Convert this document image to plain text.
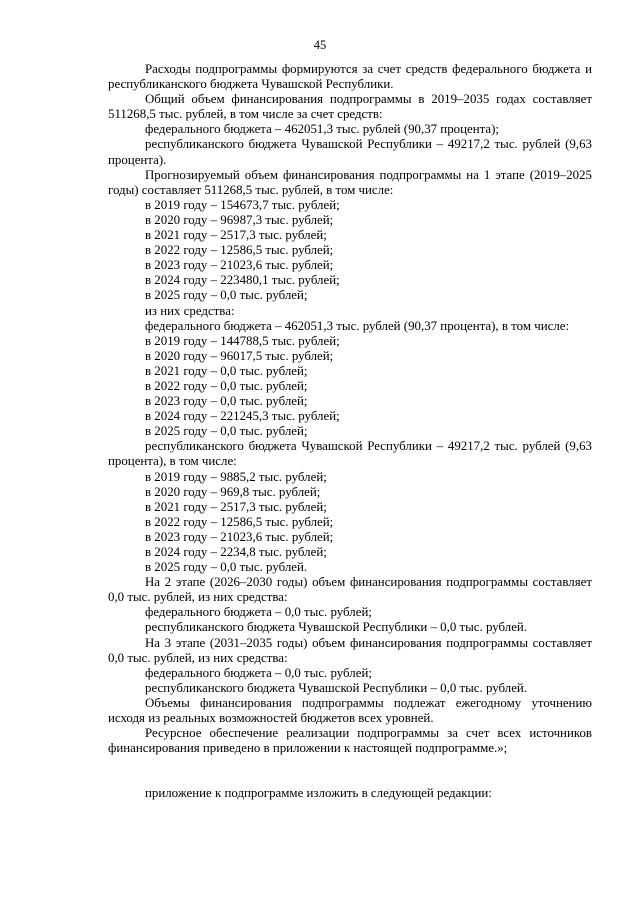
45
Расходы подпрограммы формируются за счет средств федерального бюджета и республиканского бюджета Чувашской Республики.
Общий объем финансирования подпрограммы в 2019–2035 годах составляет 511268,5 тыс. рублей, в том числе за счет средств:
федерального бюджета – 462051,3 тыс. рублей (90,37 процента);
республиканского бюджета Чувашской Республики – 49217,2 тыс. рублей (9,63 процента).
Прогнозируемый объем финансирования подпрограммы на 1 этапе (2019–2025 годы) составляет 511268,5 тыс. рублей, в том числе:
в 2019 году – 154673,7 тыс. рублей;
в 2020 году – 96987,3 тыс. рублей;
в 2021 году – 2517,3 тыс. рублей;
в 2022 году – 12586,5 тыс. рублей;
в 2023 году – 21023,6 тыс. рублей;
в 2024 году – 223480,1 тыс. рублей;
в 2025 году – 0,0 тыс. рублей;
из них средства:
федерального бюджета – 462051,3 тыс. рублей (90,37 процента), в том числе:
в 2019 году – 144788,5 тыс. рублей;
в 2020 году – 96017,5 тыс. рублей;
в 2021 году – 0,0 тыс. рублей;
в 2022 году – 0,0 тыс. рублей;
в 2023 году – 0,0 тыс. рублей;
в 2024 году – 221245,3 тыс. рублей;
в 2025 году – 0,0 тыс. рублей;
республиканского бюджета Чувашской Республики – 49217,2 тыс. рублей (9,63 процента), в том числе:
в 2019 году – 9885,2 тыс. рублей;
в 2020 году – 969,8 тыс. рублей;
в 2021 году – 2517,3 тыс. рублей;
в 2022 году – 12586,5 тыс. рублей;
в 2023 году – 21023,6 тыс. рублей;
в 2024 году – 2234,8 тыс. рублей;
в 2025 году – 0,0 тыс. рублей.
На 2 этапе (2026–2030 годы) объем финансирования подпрограммы составляет 0,0 тыс. рублей, из них средства:
федерального бюджета – 0,0 тыс. рублей;
республиканского бюджета Чувашской Республики – 0,0 тыс. рублей.
На 3 этапе (2031–2035 годы) объем финансирования подпрограммы составляет 0,0 тыс. рублей, из них средства:
федерального бюджета – 0,0 тыс. рублей;
республиканского бюджета Чувашской Республики – 0,0 тыс. рублей.
Объемы финансирования подпрограммы подлежат ежегодному уточнению исходя из реальных возможностей бюджетов всех уровней.
Ресурсное обеспечение реализации подпрограммы за счет всех источников финансирования приведено в приложении к настоящей подпрограмме.»;
приложение к подпрограмме изложить в следующей редакции:
